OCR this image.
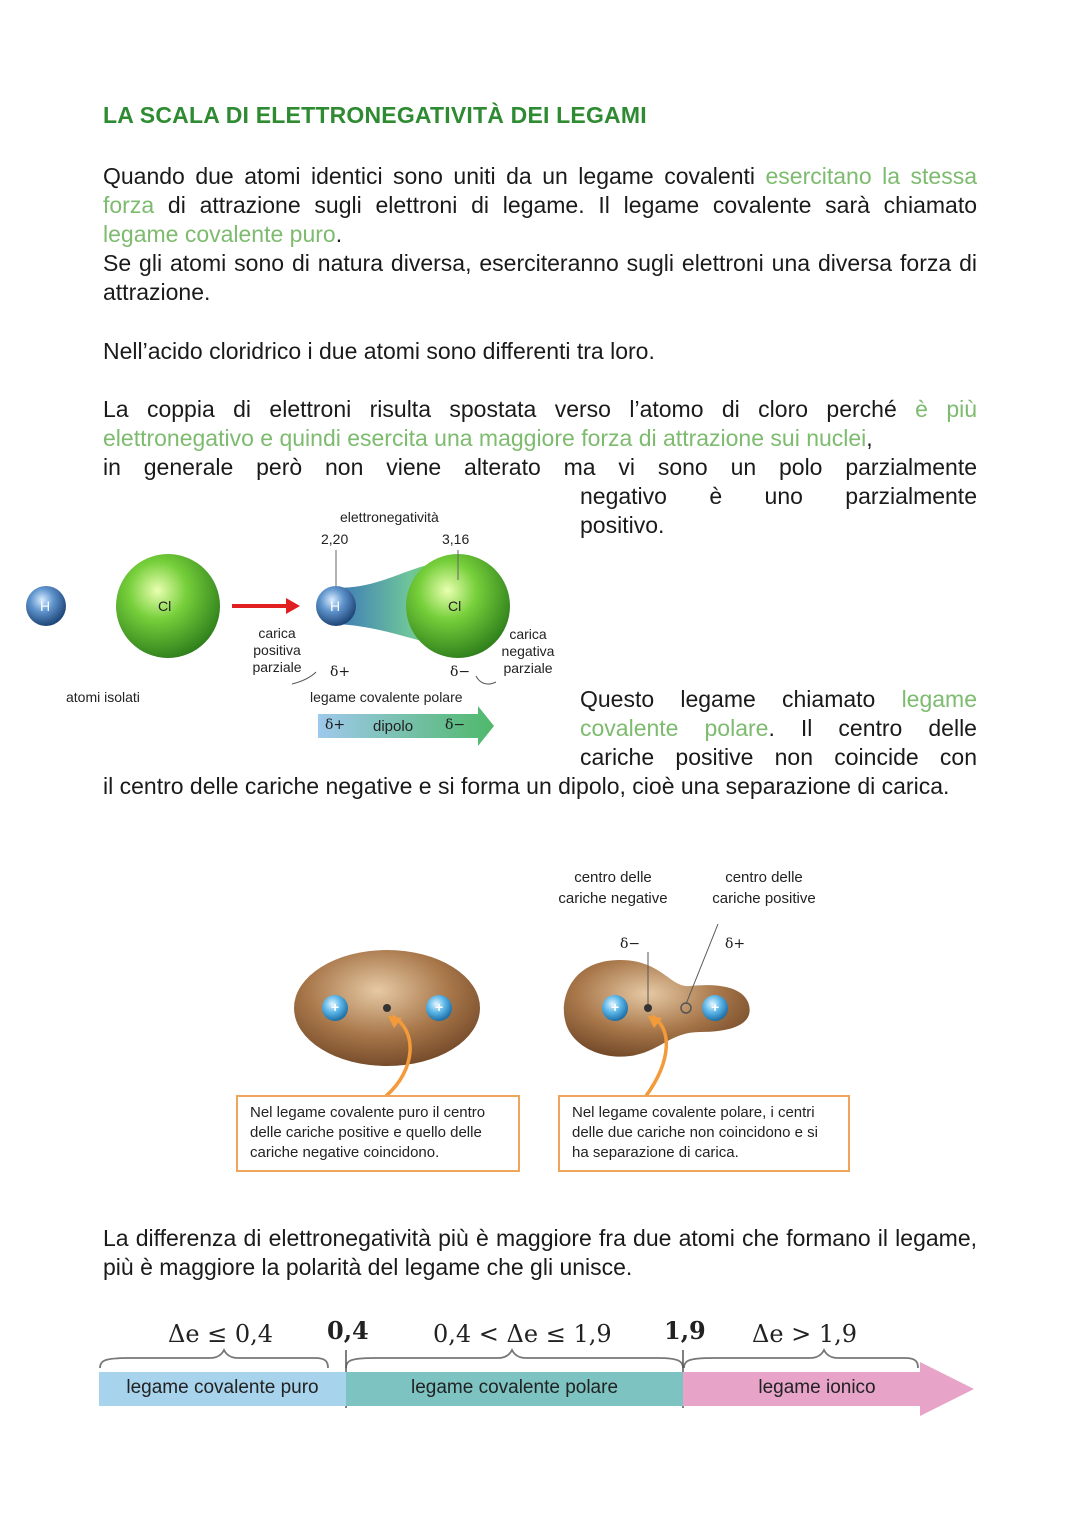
LA SCALA DI ELETTRONEGATIVITÀ DEI LEGAMI

Quando due atomi identici sono uniti da un legame covalenti esercitano la stessa forza di attrazione sugli elettroni di legame. Il legame covalente sarà chiamato legame covalente puro.
Se gli atomi sono di natura diversa, eserciteranno sugli elettroni una diversa forza di attrazione.

Nell’acido cloridrico i due atomi sono differenti tra loro.

La coppia di elettroni risulta spostata verso l’atomo di cloro perché è più elettronegativo e quindi esercita una maggiore forza di attrazione sui nuclei,

in generale però non viene alterato ma vi sono un polo parzialmente

negativo è uno parzialmente
positivo.

H	Cl	H	Cl
atomi isolati
elettronegatività
2,20	3,16
carica
positiva
parziale
carica
negativa
parziale
δ+	δ−
legame covalente polare
δ+ dipolo δ−

Questo legame chiamato legame
covalente polare. Il centro delle
cariche positive non coincide con

il centro delle cariche negative e si forma un dipolo, cioè una separazione di carica.

+	+	+	+
centro delle
cariche negative
centro delle
cariche positive
δ−	δ+
Nel legame covalente puro il centro delle cariche positive e quello delle cariche negative coincidono.
Nel legame covalente polare, i centri delle due cariche non coincidono e si ha separazione di carica.

La differenza di elettronegatività più è maggiore fra due atomi che formano il legame, più è maggiore la polarità del legame che gli unisce.

Δe ≤ 0,4 0,4	0,4 < Δe ≤ 1,9 1,9 Δe > 1,9
legame covalente puro	legame covalente polare	legame ionico
